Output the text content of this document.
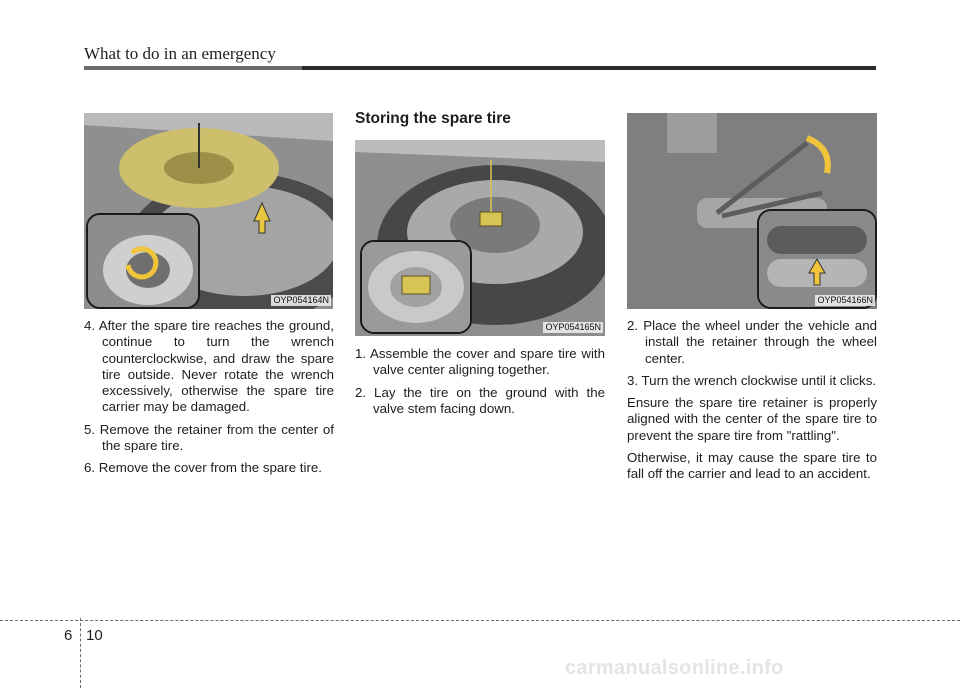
What to do in an emergency
OYP054164N
4. After the spare tire reaches the ground, continue to turn the wrench counterclockwise, and draw the spare tire outside. Never rotate the wrench excessively, otherwise the spare tire carrier may be damaged.
5. Remove the retainer from the center of the spare tire.
6. Remove the cover from the spare tire.
Storing the spare tire
OYP054165N
1. Assemble the cover and spare tire with valve center aligning together.
2. Lay the tire on the ground with the valve stem facing down.
OYP054166N
2. Place the wheel under the vehicle and install the retainer through the wheel center.
3. Turn the wrench clockwise until it clicks.

Ensure the spare tire retainer is properly aligned with the center of the spare tire to prevent the spare tire from "rattling".

Otherwise, it may cause the spare tire to fall off the carrier and lead to an accident.

6 10
carmanualsonline.info
